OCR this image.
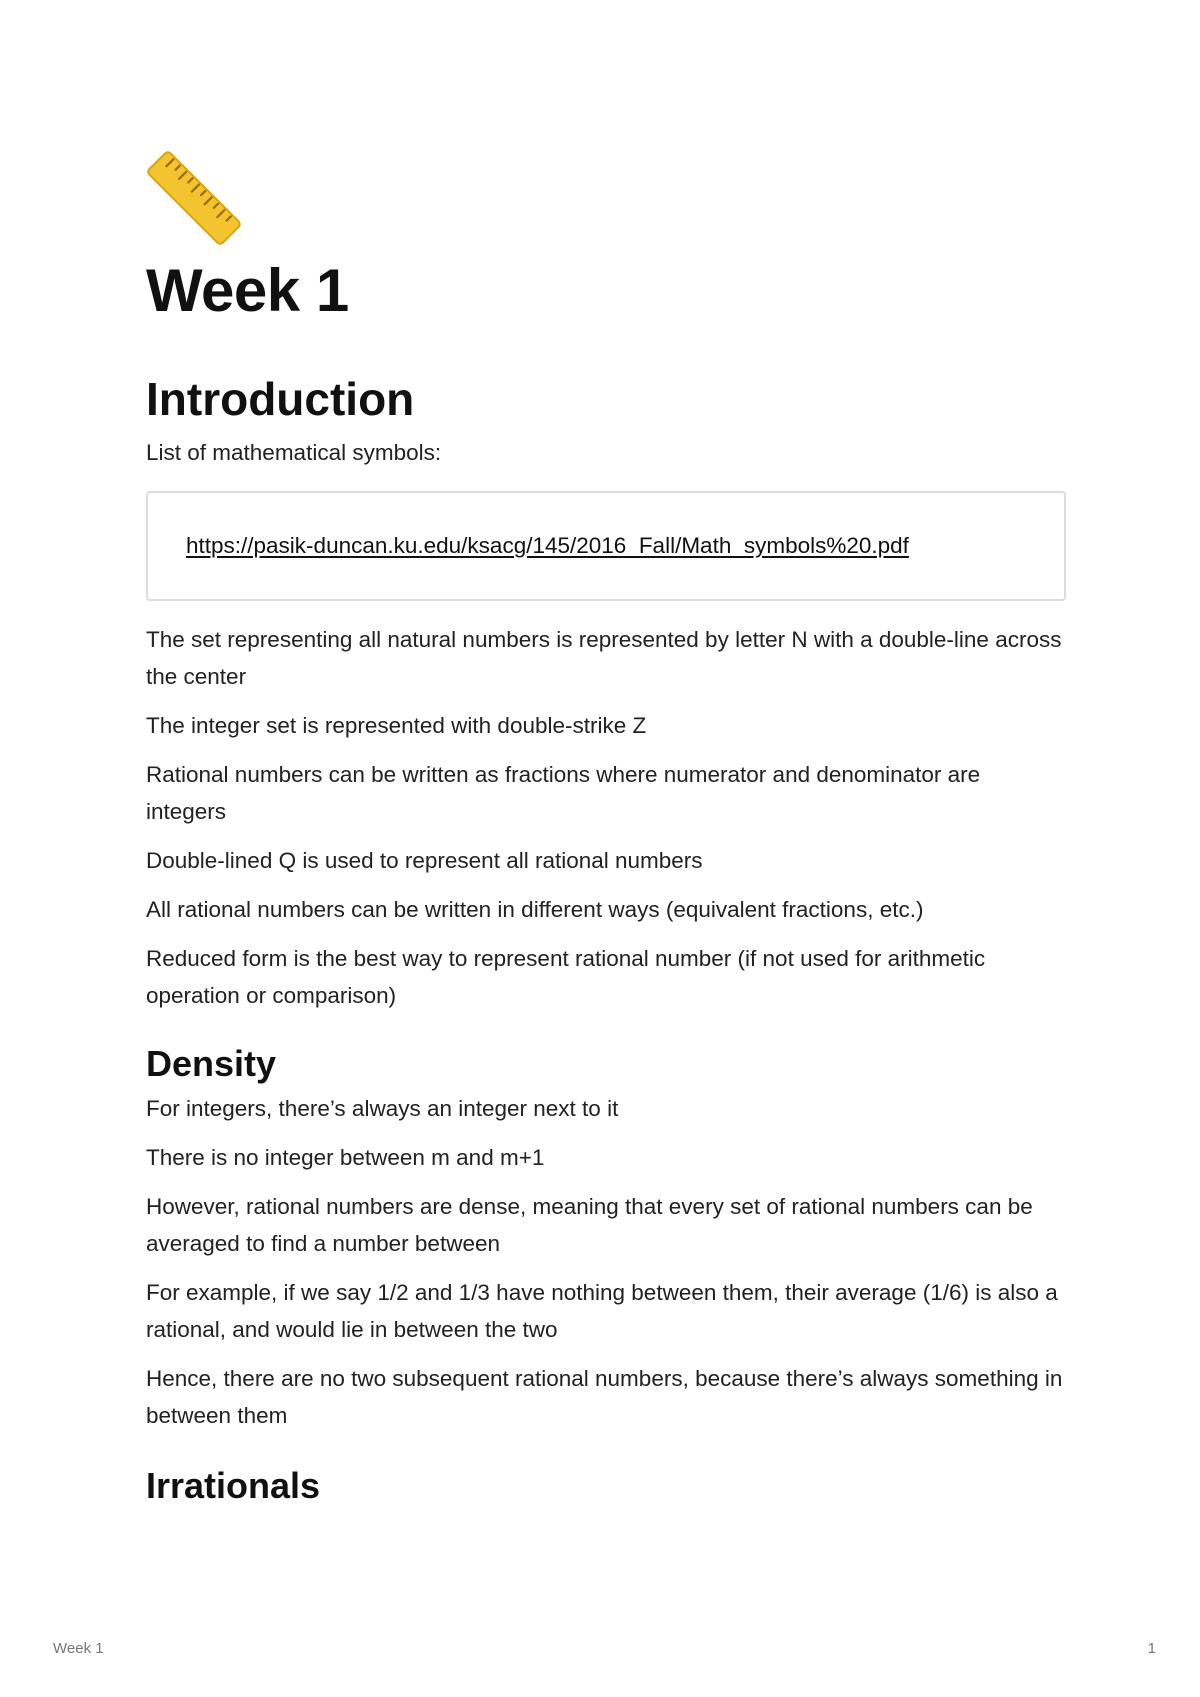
Week 1
Introduction

List of mathematical symbols:

https://pasik-duncan.ku.edu/ksacg/145/2016_Fall/Math_symbols%20.pdf

The set representing all natural numbers is represented by letter N with a double-line across the center

The integer set is represented with double-strike Z

Rational numbers can be written as fractions where numerator and denominator are integers

Double-lined Q is used to represent all rational numbers

All rational numbers can be written in different ways (equivalent fractions, etc.)

Reduced form is the best way to represent rational number (if not used for arithmetic operation or comparison)

Density

For integers, there’s always an integer next to it

There is no integer between m and m+1

However, rational numbers are dense, meaning that every set of rational numbers can be averaged to find a number between

For example, if we say 1/2 and 1/3 have nothing between them, their average (1/6) is also a rational, and would lie in between the two

Hence, there are no two subsequent rational numbers, because there’s always something in between them

Irrationals
Week 1	1
